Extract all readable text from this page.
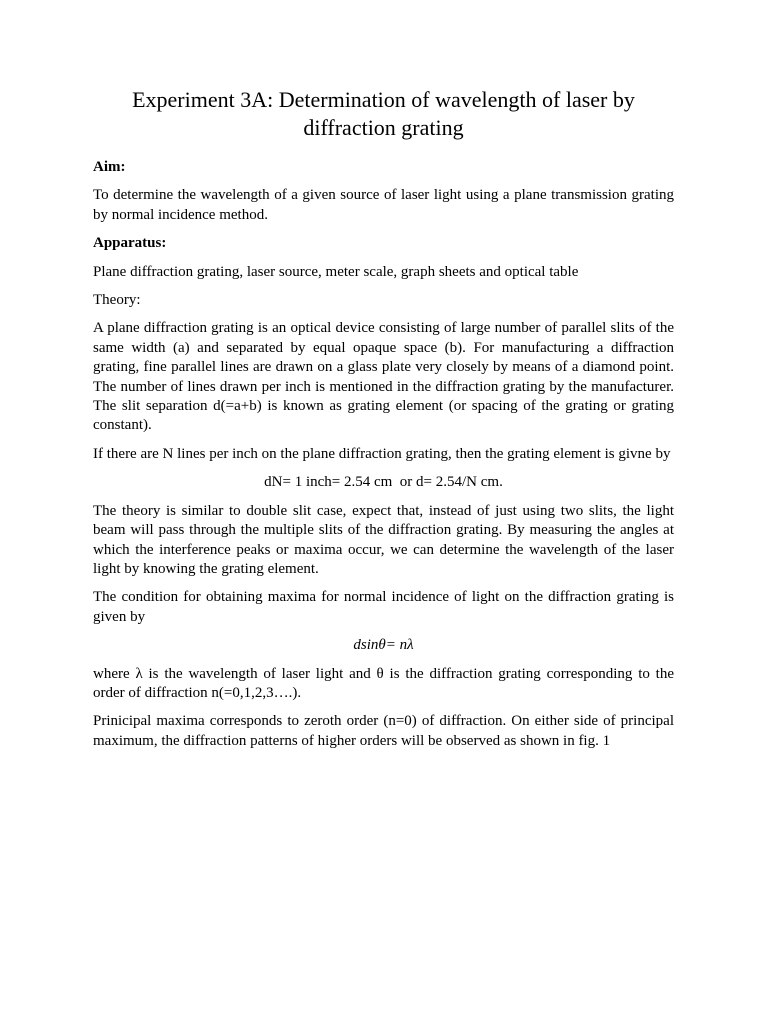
Experiment 3A: Determination of wavelength of laser by diffraction grating

Aim:

To determine the wavelength of a given source of laser light using a plane transmission grating by normal incidence method.

Apparatus:

Plane diffraction grating, laser source, meter scale, graph sheets and optical table

Theory:

A plane diffraction grating is an optical device consisting of large number of parallel slits of the same width (a) and separated by equal opaque space (b). For manufacturing a diffraction grating, fine parallel lines are drawn on a glass plate very closely by means of a diamond point. The number of lines drawn per inch is mentioned in the diffraction grating by the manufacturer. The slit separation d(=a+b) is known as grating element (or spacing of the grating or grating constant).

If there are N lines per inch on the plane diffraction grating, then the grating element is givne by

dN= 1 inch= 2.54 cm  or d= 2.54/N cm.

The theory is similar to double slit case, expect that, instead of just using two slits, the light beam will pass through the multiple slits of the diffraction grating. By measuring the angles at which the interference peaks or maxima occur, we can determine the wavelength of the laser light by knowing the grating element.

The condition for obtaining maxima for normal incidence of light on the diffraction grating is given by

dsinθ= nλ

where λ is the wavelength of laser light and θ is the diffraction grating corresponding to the order of diffraction n(=0,1,2,3….).

Prinicipal maxima corresponds to zeroth order (n=0) of diffraction. On either side of principal maximum, the diffraction patterns of higher orders will be observed as shown in fig. 1
